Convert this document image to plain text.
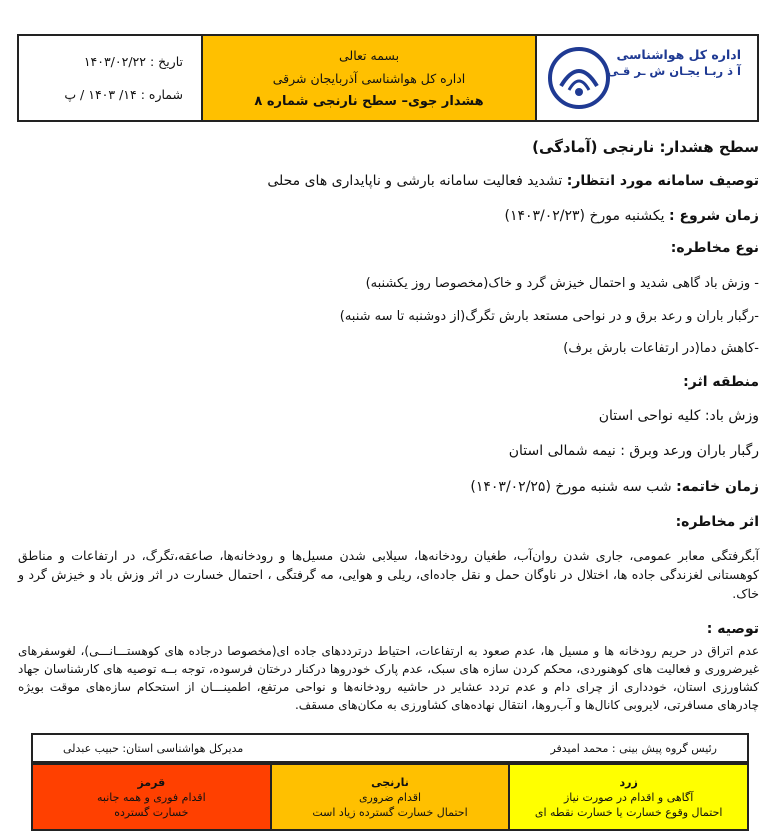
اداره کل هواشناسی
آ ذ ربـا یجـان ش ـر قـی
بسمه تعالی
اداره کل هواشناسی آذربایجان شرقی
هشدار جوی– سطح نارنجی شماره ۸
تاریخ : ۱۴۰۳/۰۲/۲۲
شماره : ۱۴/ ۱۴۰۳ / پ
سطح هشدار: نارنجی (آمادگی)
توصیف سامانه مورد انتظار: تشدید فعالیت سامانه بارشی و ناپایداری های محلی
زمان شروع : یکشنبه مورخ (۱۴۰۳/۰۲/۲۳)
نوع مخاطره:
- وزش باد گاهی شدید و احتمال خیزش گرد و خاک(مخصوصا روز یکشنبه)
-رگبار باران و رعد برق و در نواحی مستعد بارش تگرگ(از دوشنبه تا سه شنبه)
-کاهش دما(در ارتفاعات بارش برف)
منطقه اثر:
وزش باد: کلیه نواحی استان
رگبار باران ورعد وبرق : نیمه شمالی استان
زمان خاتمه: شب سه شنبه مورخ (۱۴۰۳/۰۲/۲۵)
اثر مخاطره:
آبگرفتگی معابر عمومی، جاری شدن روان‌آب، طغیان رودخانه‌ها، سیلابی شدن مسیل‌ها و رودخانه‌ها، صاعقه،تگرگ، در ارتفاعات و مناطق کوهستانی لغزندگی جاده ها، اختلال در ناوگان حمل و نقل جاده‌ای، ریلی و هوایی، مه گرفتگی ، احتمال خسارت در اثر وزش باد و خیزش گرد و خاک.
توصیه :
عدم اتراق در حریم رودخانه ها و مسیل ها، عدم صعود به ارتفاعات، احتیاط درترددهای جاده ای(مخصوصا درجاده های کوهستـــانـــی)، لغوسفرهای غیرضروری و فعالیت های کوهنوردی، محکم کردن سازه های سبک، عدم پارک خودروها درکنار درختان فرسوده، توجه بــه توصیه های کارشناسان جهاد کشاورزی استان، خودداری از چرای دام و عدم تردد عشایر در حاشیه رودخانه‌ها و نواحی مرتفع، اطمینـــان از استحکام سازه‌های موقت بویژه چادرهای مسافرتی، لایروبی کانال‌ها و آب‌روها، انتقال نهاده‌های کشاورزی به مکان‌های مسقف.
رئیس گروه پیش بینی : محمد امیدفر
مدیرکل هواشناسی استان: حبیب عبدلی
زرد
آگاهی و اقدام در صورت نیاز
احتمال وقوع خسارت یا خسارت نقطه ای
نارنجی
اقدام ضروری
احتمال خسارت گسترده زیاد است
قرمز
اقدام فوری و همه جانبه
خسارت گسترده
